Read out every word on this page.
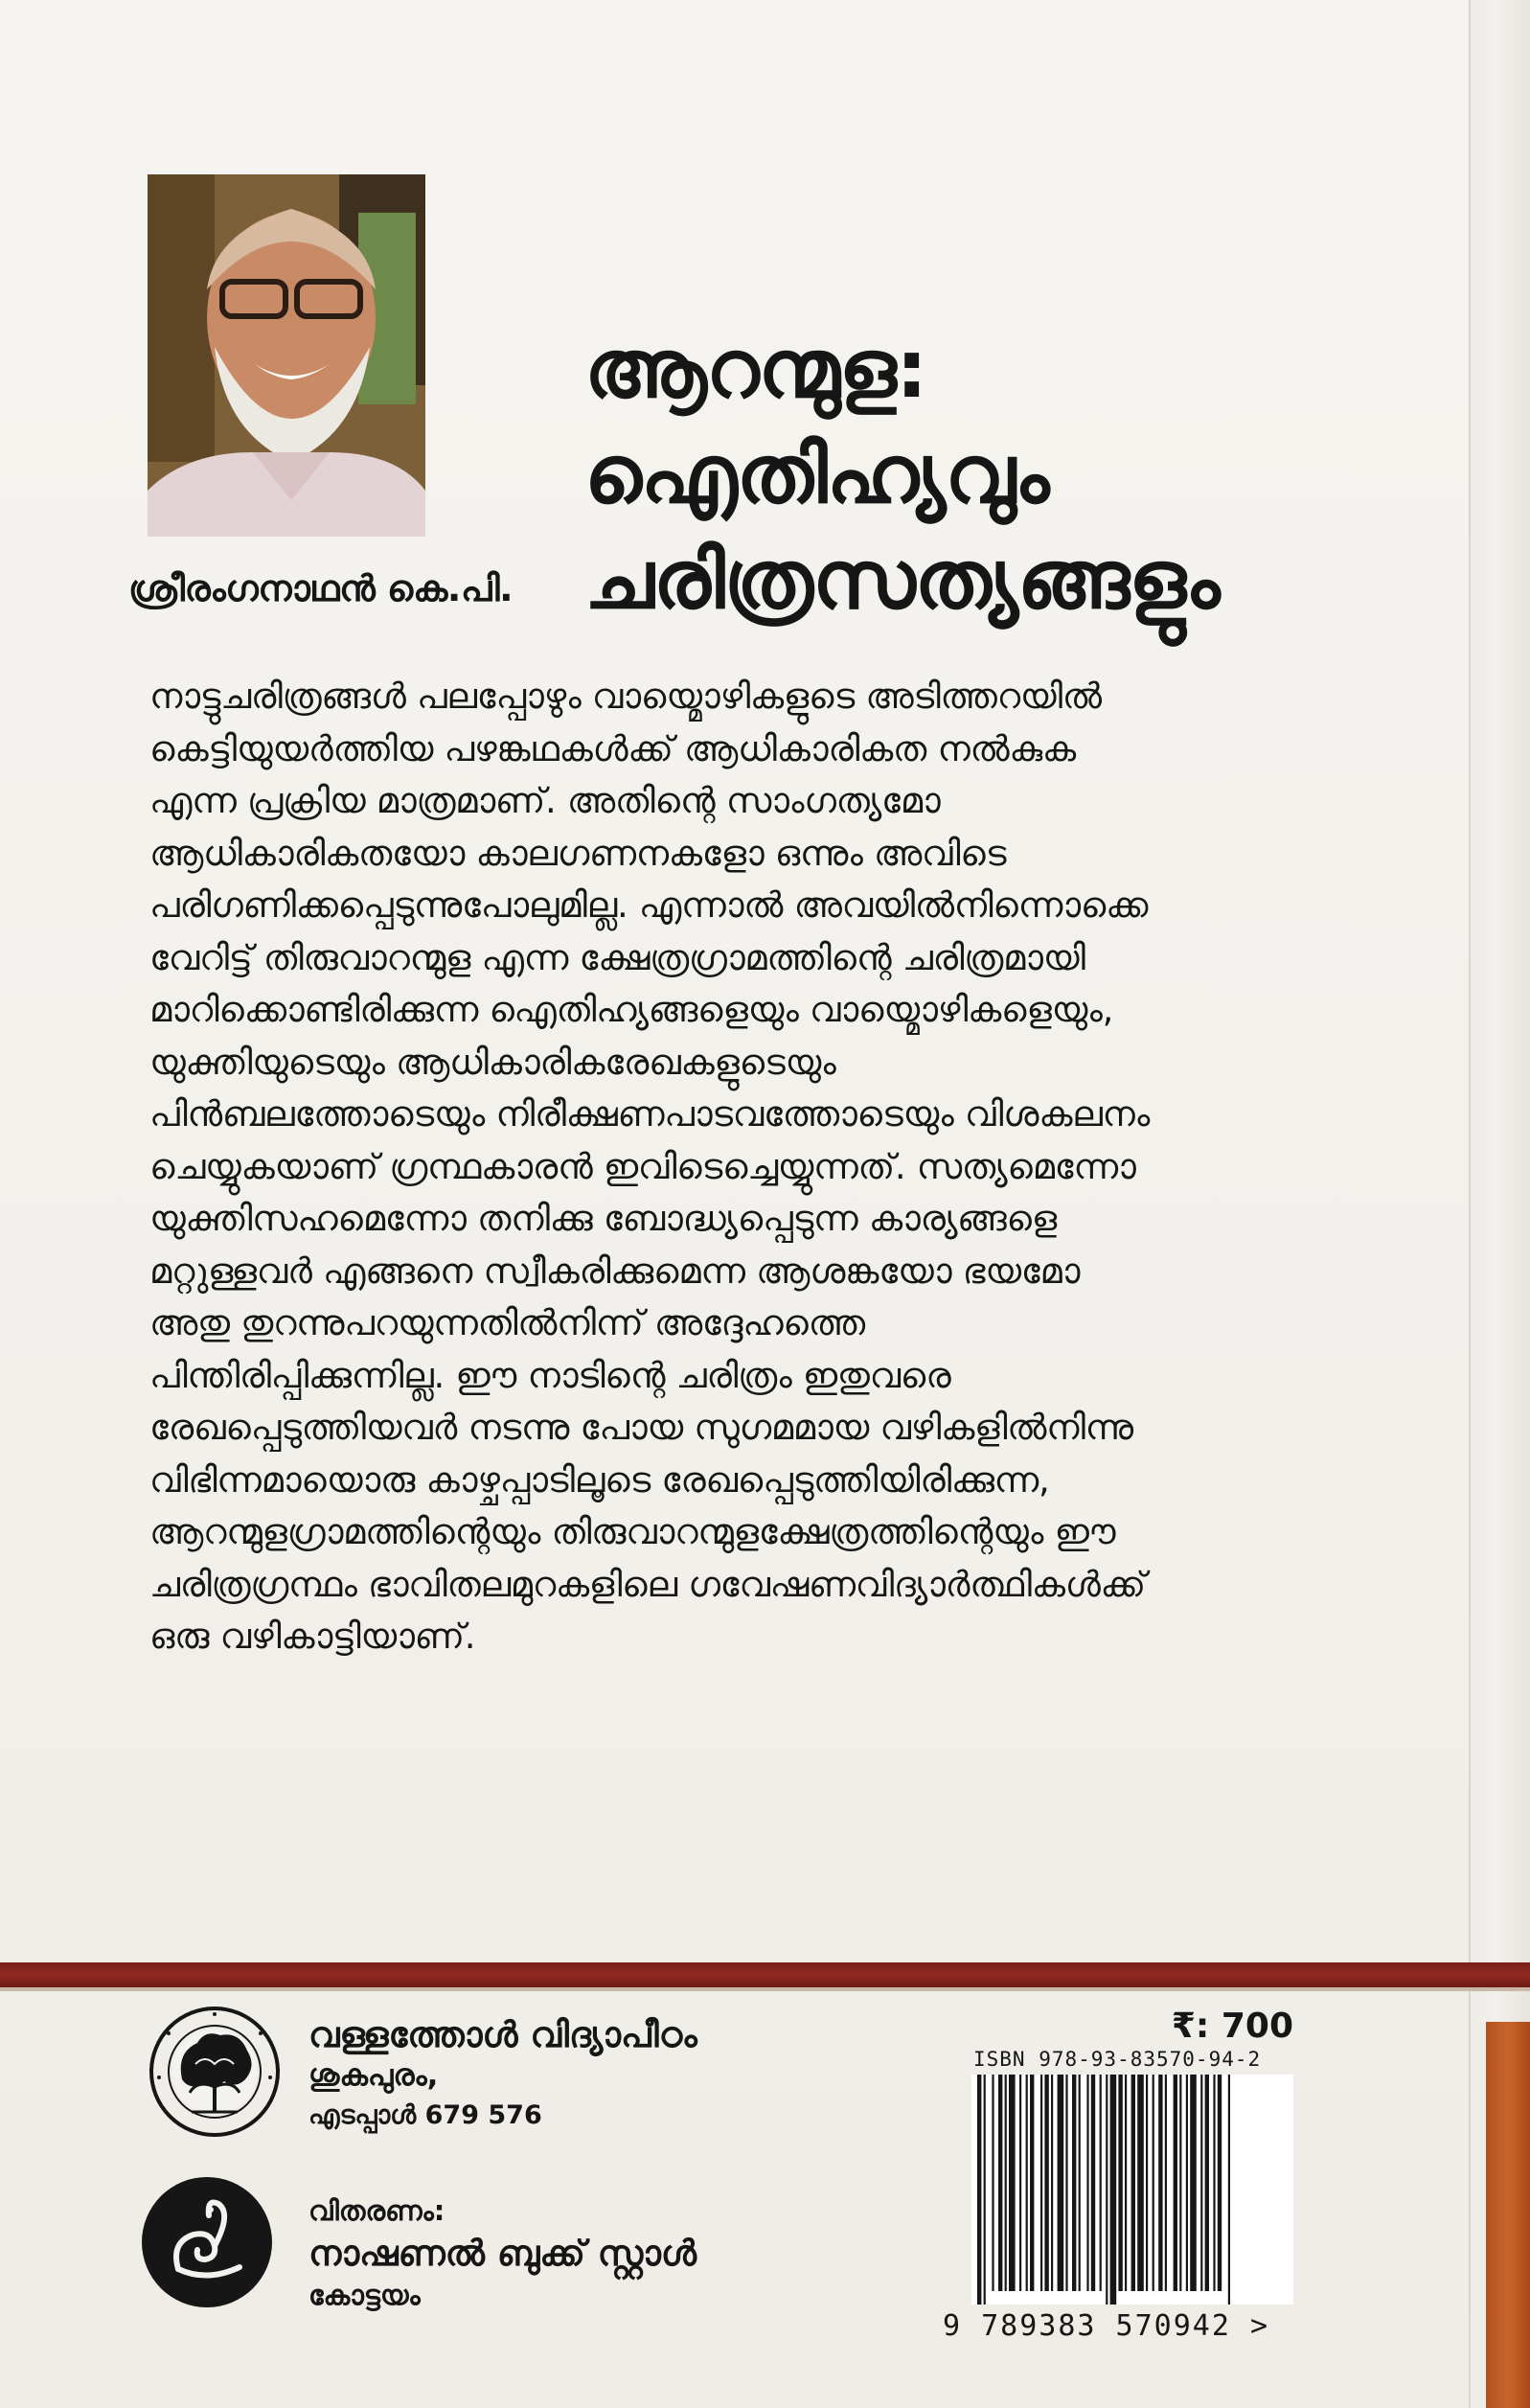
ശ്രീരംഗനാഥൻ കെ.പി.
ആറന്മുള:
ഐതിഹ്യവും
ചരിത്രസത്യങ്ങളും
നാട്ടുചരിത്രങ്ങൾ പലപ്പോഴും വായ്മൊഴികളുടെ അടിത്തറയിൽ
കെട്ടിയുയർത്തിയ പഴങ്കഥകൾക്ക് ആധികാരികത നൽകുക
എന്ന പ്രക്രിയ മാത്രമാണ്. അതിന്റെ സാംഗത്യമോ
ആധികാരികതയോ കാലഗണനകളോ ഒന്നും അവിടെ
പരിഗണിക്കപ്പെടുന്നുപോലുമില്ല. എന്നാൽ അവയിൽനിന്നൊക്കെ
വേറിട്ട് തിരുവാറന്മുള എന്ന ക്ഷേത്രഗ്രാമത്തിന്റെ ചരിത്രമായി
മാറിക്കൊണ്ടിരിക്കുന്ന ഐതിഹ്യങ്ങളെയും വായ്മൊഴികളെയും,
യുക്തിയുടെയും ആധികാരികരേഖകളുടെയും
പിൻബലത്തോടെയും നിരീക്ഷണപാടവത്തോടെയും വിശകലനം
ചെയ്യുകയാണ് ഗ്രന്ഥകാരൻ ഇവിടെച്ചെയ്യുന്നത്. സത്യമെന്നോ
യുക്തിസഹമെന്നോ തനിക്കു ബോദ്ധ്യപ്പെടുന്ന കാര്യങ്ങളെ
മറ്റുള്ളവർ എങ്ങനെ സ്വീകരിക്കുമെന്ന ആശങ്കയോ ഭയമോ
അതു തുറന്നുപറയുന്നതിൽനിന്ന് അദ്ദേഹത്തെ
പിന്തിരിപ്പിക്കുന്നില്ല. ഈ നാടിന്റെ ചരിത്രം ഇതുവരെ
രേഖപ്പെടുത്തിയവർ നടന്നു പോയ സുഗമമായ വഴികളിൽനിന്നു
വിഭിന്നമായൊരു കാഴ്ചപ്പാടിലൂടെ രേഖപ്പെടുത്തിയിരിക്കുന്ന,
ആറന്മുളഗ്രാമത്തിന്റെയും തിരുവാറന്മുളക്ഷേത്രത്തിന്റെയും ഈ
ചരിത്രഗ്രന്ഥം ഭാവിതലമുറകളിലെ ഗവേഷണവിദ്യാർത്ഥികൾക്ക്
ഒരു വഴികാട്ടിയാണ്.
വള്ളത്തോൾ വിദ്യാപീഠം
ശുകപുരം,
എടപ്പാൾ 679 576
വിതരണം:
നാഷണൽ ബുക്ക് സ്റ്റാൾ
കോട്ടയം
₹: 700
ISBN 978-93-83570-94-2
9 789383 570942 >
